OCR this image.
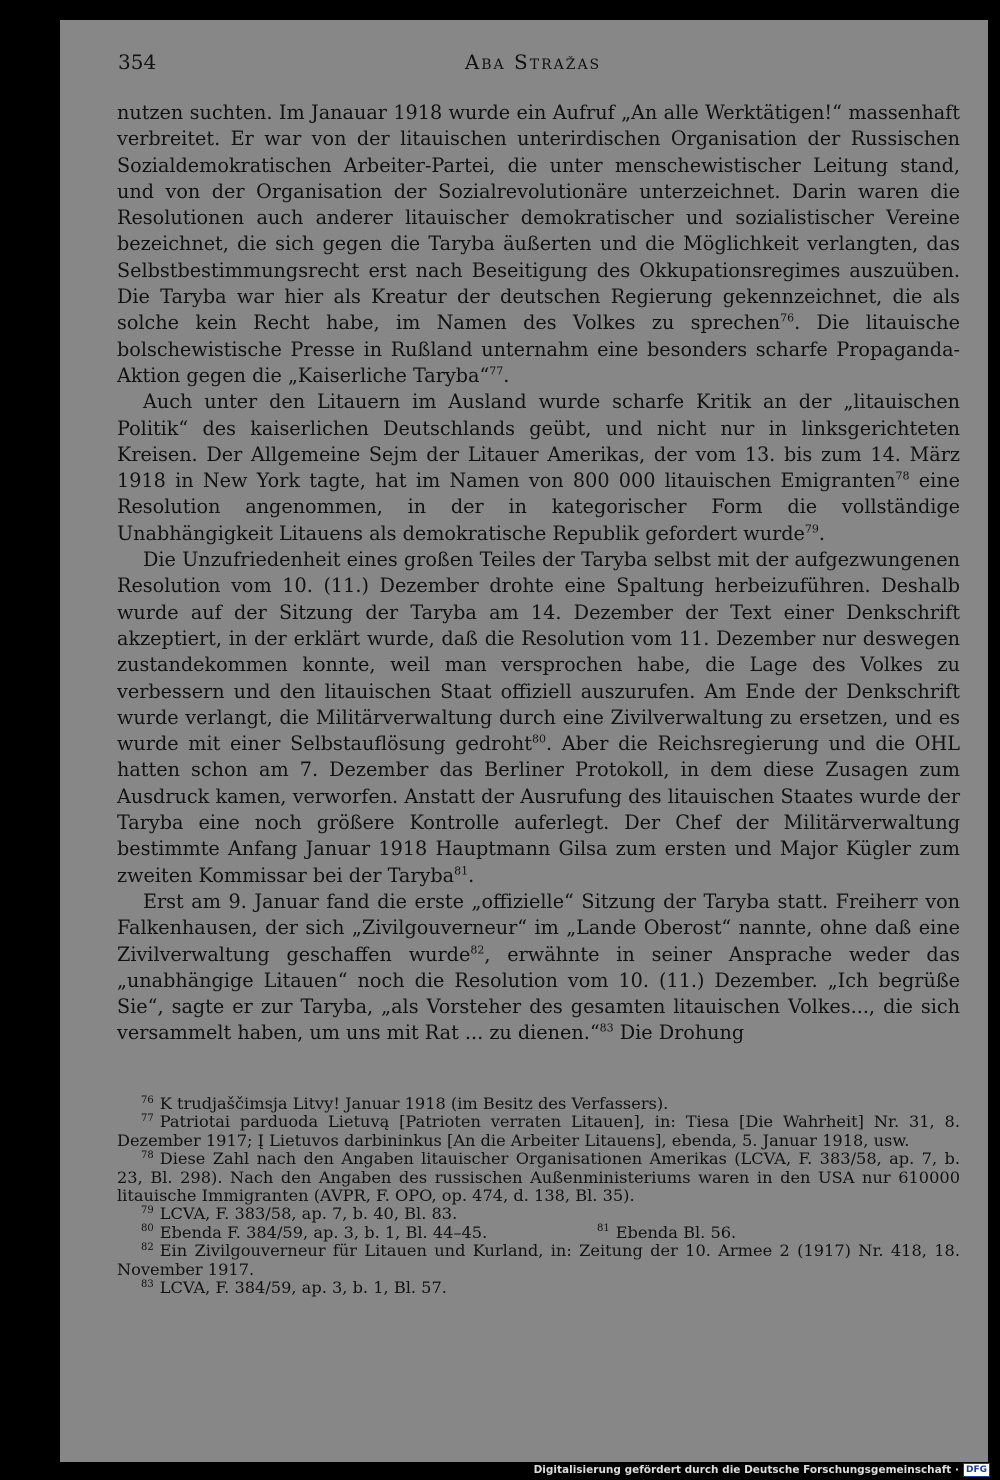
354	Aba Stražas

nutzen suchten. Im Janauar 1918 wurde ein Aufruf „An alle Werktätigen!“ massenhaft verbreitet. Er war von der litauischen unterirdischen Organisation der Russischen Sozialdemokratischen Arbeiter-Partei, die unter menschewistischer Leitung stand, und von der Organisation der Sozialrevolutionäre unterzeichnet. Darin waren die Resolutionen auch anderer litauischer demokratischer und sozialistischer Vereine bezeichnet, die sich gegen die Taryba äußerten und die Möglichkeit verlangten, das Selbstbestimmungsrecht erst nach Beseitigung des Okkupationsregimes auszuüben. Die Taryba war hier als Kreatur der deutschen Regierung gekennzeichnet, die als solche kein Recht habe, im Namen des Volkes zu sprechen$^{76}$. Die litauische bolschewistische Presse in Rußland unternahm eine besonders scharfe Propaganda-Aktion gegen die „Kaiserliche Taryba“$^{77}$.

Auch unter den Litauern im Ausland wurde scharfe Kritik an der „litauischen Politik“ des kaiserlichen Deutschlands geübt, und nicht nur in linksgerichteten Kreisen. Der Allgemeine Sejm der Litauer Amerikas, der vom 13. bis zum 14. März 1918 in New York tagte, hat im Namen von 800 000 litauischen Emigranten$^{78}$ eine Resolution angenommen, in der in kategorischer Form die vollständige Unabhängigkeit Litauens als demokratische Republik gefordert wurde$^{79}$.

Die Unzufriedenheit eines großen Teiles der Taryba selbst mit der aufgezwungenen Resolution vom 10. (11.) Dezember drohte eine Spaltung herbeizuführen. Deshalb wurde auf der Sitzung der Taryba am 14. Dezember der Text einer Denkschrift akzeptiert, in der erklärt wurde, daß die Resolution vom 11. Dezember nur deswegen zustandekommen konnte, weil man versprochen habe, die Lage des Volkes zu verbessern und den litauischen Staat offiziell auszurufen. Am Ende der Denkschrift wurde verlangt, die Militärverwaltung durch eine Zivilverwaltung zu ersetzen, und es wurde mit einer Selbstauflösung gedroht$^{80}$. Aber die Reichsregierung und die OHL hatten schon am 7. Dezember das Berliner Protokoll, in dem diese Zusagen zum Ausdruck kamen, verworfen. Anstatt der Ausrufung des litauischen Staates wurde der Taryba eine noch größere Kontrolle auferlegt. Der Chef der Militärverwaltung bestimmte Anfang Januar 1918 Hauptmann Gilsa zum ersten und Major Kügler zum zweiten Kommissar bei der Taryba$^{81}$.

Erst am 9. Januar fand die erste „offizielle“ Sitzung der Taryba statt. Freiherr von Falkenhausen, der sich „Zivilgouverneur“ im „Lande Oberost“ nannte, ohne daß eine Zivilverwaltung geschaffen wurde$^{82}$, erwähnte in seiner Ansprache weder das „unabhängige Litauen“ noch die Resolution vom 10. (11.) Dezember. „Ich begrüße Sie“, sagte er zur Taryba, „als Vorsteher des gesamten litauischen Volkes..., die sich versammelt haben, um uns mit Rat ... zu dienen.“$^{83}$ Die Drohung

$^{76}$ K trudjaščimsja Litvy! Januar 1918 (im Besitz des Verfassers).

$^{77}$ Patriotai parduoda Lietuvą [Patrioten verraten Litauen], in: Tiesa [Die Wahrheit] Nr. 31, 8. Dezember 1917; Į Lietuvos darbininkus [An die Arbeiter Litauens], ebenda, 5. Januar 1918, usw.

$^{78}$ Diese Zahl nach den Angaben litauischer Organisationen Amerikas (LCVA, F. 383/58, ap. 7, b. 23, Bl. 298). Nach den Angaben des russischen Außenministeriums waren in den USA nur 610000 litauische Immigranten (AVPR, F. OPO, op. 474, d. 138, Bl. 35).

$^{79}$ LCVA, F. 383/58, ap. 7, b. 40, Bl. 83.

$^{80}$ Ebenda F. 384/59, ap. 3, b. 1, Bl. 44–45.	$^{81}$ Ebenda Bl. 56.

$^{82}$ Ein Zivilgouverneur für Litauen und Kurland, in: Zeitung der 10. Armee 2 (1917) Nr. 418, 18. November 1917.

$^{83}$ LCVA, F. 384/59, ap. 3, b. 1, Bl. 57.

Digitalisierung gefördert durch die Deutsche Forschungsgemeinschaft · DFG
